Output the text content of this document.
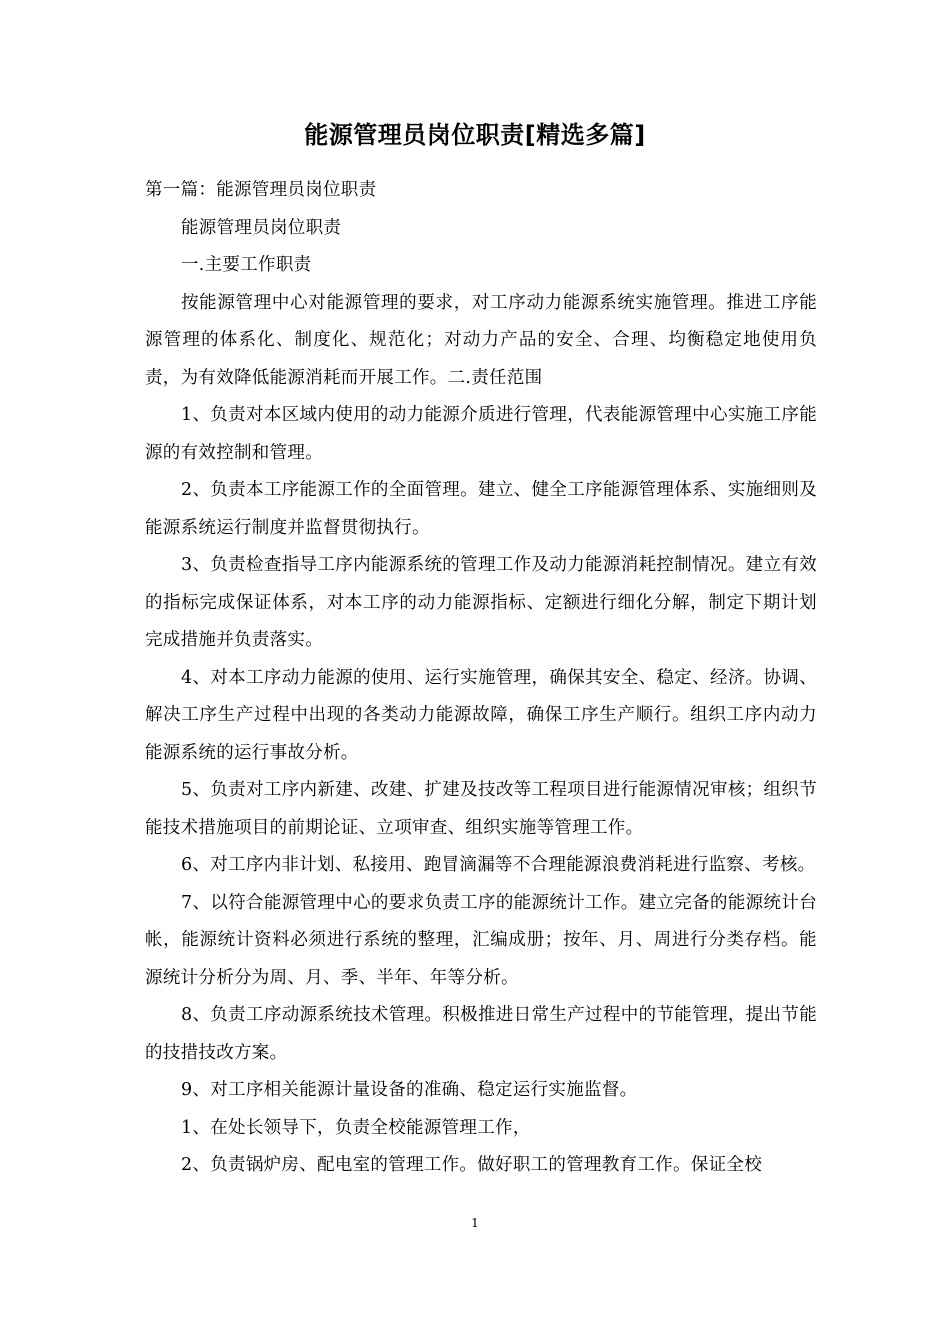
能源管理员岗位职责[精选多篇]

第一篇：能源管理员岗位职责

能源管理员岗位职责

一.主要工作职责

按能源管理中心对能源管理的要求，对工序动力能源系统实施管理。推进工序能源管理的体系化、制度化、规范化；对动力产品的安全、合理、均衡稳定地使用负责，为有效降低能源消耗而开展工作。二.责任范围

1、负责对本区域内使用的动力能源介质进行管理，代表能源管理中心实施工序能源的有效控制和管理。

2、负责本工序能源工作的全面管理。建立、健全工序能源管理体系、实施细则及能源系统运行制度并监督贯彻执行。

3、负责检查指导工序内能源系统的管理工作及动力能源消耗控制情况。建立有效的指标完成保证体系，对本工序的动力能源指标、定额进行细化分解，制定下期计划完成措施并负责落实。

4、对本工序动力能源的使用、运行实施管理，确保其安全、稳定、经济。协调、解决工序生产过程中出现的各类动力能源故障，确保工序生产顺行。组织工序内动力能源系统的运行事故分析。

5、负责对工序内新建、改建、扩建及技改等工程项目进行能源情况审核；组织节能技术措施项目的前期论证、立项审查、组织实施等管理工作。

6、对工序内非计划、私接用、跑冒滴漏等不合理能源浪费消耗进行监察、考核。

7、以符合能源管理中心的要求负责工序的能源统计工作。建立完备的能源统计台帐，能源统计资料必须进行系统的整理，汇编成册；按年、月、周进行分类存档。能源统计分析分为周、月、季、半年、年等分析。

8、负责工序动源系统技术管理。积极推进日常生产过程中的节能管理，提出节能的技措技改方案。

9、对工序相关能源计量设备的准确、稳定运行实施监督。

1、在处长领导下，负责全校能源管理工作，

2、负责锅炉房、配电室的管理工作。做好职工的管理教育工作。保证全校

1
